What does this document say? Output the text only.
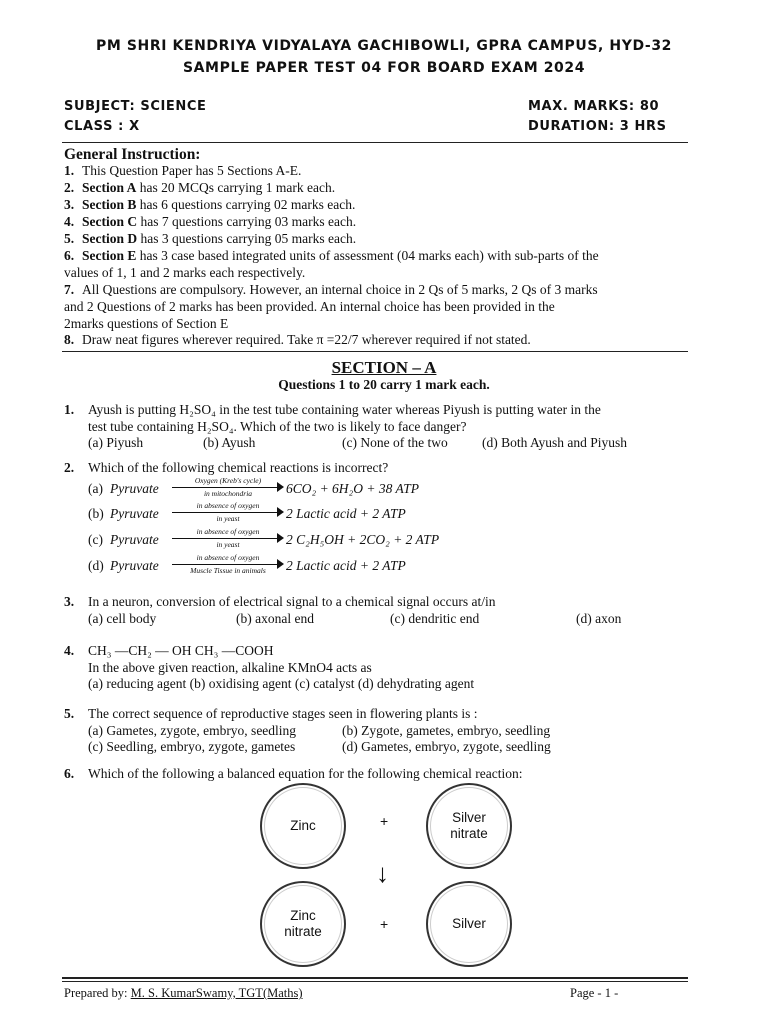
PM SHRI KENDRIYA VIDYALAYA GACHIBOWLI, GPRA CAMPUS, HYD-32
SAMPLE PAPER TEST 04 FOR BOARD EXAM 2024
SUBJECT: SCIENCE
CLASS : X
MAX. MARKS: 80
DURATION: 3 HRS
General Instruction:
1. This Question Paper has 5 Sections A-E.
2. Section A has 20 MCQs carrying 1 mark each.
3. Section B has 6 questions carrying 02 marks each.
4. Section C has 7 questions carrying 03 marks each.
5. Section D has 3 questions carrying 05 marks each.
6. Section E has 3 case based integrated units of assessment (04 marks each) with sub-parts of the
values of 1, 1 and 2 marks each respectively.
7. All Questions are compulsory. However, an internal choice in 2 Qs of 5 marks, 2 Qs of 3 marks
and 2 Questions of 2 marks has been provided. An internal choice has been provided in the
2marks questions of Section E
8. Draw neat figures wherever required. Take π =22/7 wherever required if not stated.
SECTION – A
Questions 1 to 20 carry 1 mark each.
1. Ayush is putting H₂SO₄ in the test tube containing water whereas Piyush is putting water in the
test tube containing H₂SO₄. Which of the two is likely to face danger?
(a) Piyush	(b) Ayush	(c) None of the two	(d) Both Ayush and Piyush
2. Which of the following chemical reactions is incorrect?
(a) Pyruvate
Oxygen (Kreb's cycle)
in mitochondria	6CO₂ + 6H₂O + 38 ATP
(b) Pyruvate
in absence of oxygen
in yeast	2 Lactic acid + 2 ATP
(c) Pyruvate
in absence of oxygen
in yeast	2 C₂H₅OH + 2CO₂ + 2 ATP
(d) Pyruvate
in absence of oxygen
Muscle Tissue in animals	2 Lactic acid + 2 ATP
3. In a neuron, conversion of electrical signal to a chemical signal occurs at/in
(a) cell body	(b) axonal end	(c) dendritic end	(d) axon
4. CH₃ —CH₂ — OH CH₃ —COOH
In the above given reaction, alkaline KMnO4 acts as
(a) reducing agent (b) oxidising agent (c) catalyst (d) dehydrating agent
5. The correct sequence of reproductive stages seen in flowering plants is :
(a) Gametes, zygote, embryo, seedling	(b) Zygote, gametes, embryo, seedling
(c) Seedling, embryo, zygote, gametes	(d) Gametes, embryo, zygote, seedling
6. Which of the following a balanced equation for the following chemical reaction:
Zinc	+	Silver
nitrate
↓
Zinc
nitrate	+	Silver
Prepared by: M. S. KumarSwamy, TGT(Maths)	Page - 1 -
